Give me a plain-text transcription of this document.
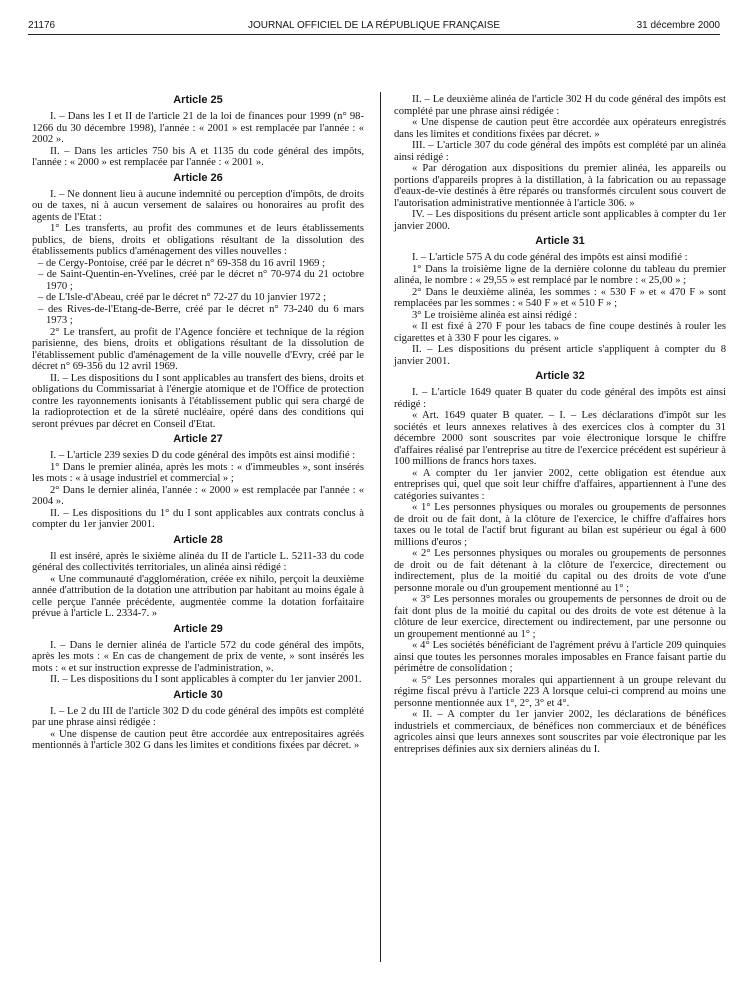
21176	JOURNAL OFFICIEL DE LA RÉPUBLIQUE FRANÇAISE	31 décembre 2000
Article 25

I. – Dans les I et II de l'article 21 de la loi de finances pour 1999 (n° 98-1266 du 30 décembre 1998), l'année : « 2001 » est remplacée par l'année : « 2002 ».

II. – Dans les articles 750 bis A et 1135 du code général des impôts, l'année : « 2000 » est remplacée par l'année : « 2001 ».

Article 26

I. – Ne donnent lieu à aucune indemnité ou perception d'impôts, de droits ou de taxes, ni à aucun versement de salaires ou honoraires au profit des agents de l'Etat :

1° Les transferts, au profit des communes et de leurs établissements publics, de biens, droits et obligations résultant de la dissolution des établissements publics d'aménagement des villes nouvelles :

– de Cergy-Pontoise, créé par le décret n° 69-358 du 16 avril 1969 ;

– de Saint-Quentin-en-Yvelines, créé par le décret n° 70-974 du 21 octobre 1970 ;

– de L'Isle-d'Abeau, créé par le décret n° 72-27 du 10 janvier 1972 ;

– des Rives-de-l'Etang-de-Berre, créé par le décret n° 73-240 du 6 mars 1973 ;

2° Le transfert, au profit de l'Agence foncière et technique de la région parisienne, des biens, droits et obligations résultant de la dissolution de l'établissement public d'aménagement de la ville nouvelle d'Evry, créé par le décret n° 69-356 du 12 avril 1969.

II. – Les dispositions du I sont applicables au transfert des biens, droits et obligations du Commissariat à l'énergie atomique et de l'Office de protection contre les rayonnements ionisants à l'établissement public qui sera chargé de la radioprotection et de la sûreté nucléaire, opéré dans des conditions qui seront prévues par décret en Conseil d'Etat.

Article 27

I. – L'article 239 sexies D du code général des impôts est ainsi modifié :

1° Dans le premier alinéa, après les mots : « d'immeubles », sont insérés les mots : « à usage industriel et commercial » ;

2° Dans le dernier alinéa, l'année : « 2000 » est remplacée par l'année : « 2004 ».

II. – Les dispositions du 1° du I sont applicables aux contrats conclus à compter du 1er janvier 2001.

Article 28

Il est inséré, après le sixième alinéa du II de l'article L. 5211-33 du code général des collectivités territoriales, un alinéa ainsi rédigé :

« Une communauté d'agglomération, créée ex nihilo, perçoit la deuxième année d'attribution de la dotation une attribution par habitant au moins égale à celle perçue l'année précédente, augmentée comme la dotation forfaitaire prévue à l'article L. 2334-7. »

Article 29

I. – Dans le dernier alinéa de l'article 572 du code général des impôts, après les mots : « En cas de changement de prix de vente, » sont insérés les mots : « et sur instruction expresse de l'administration, ».

II. – Les dispositions du I sont applicables à compter du 1er janvier 2001.

Article 30

I. – Le 2 du III de l'article 302 D du code général des impôts est complété par une phrase ainsi rédigée :

« Une dispense de caution peut être accordée aux entrepositaires agréés mentionnés à l'article 302 G dans les limites et conditions fixées par décret. »

II. – Le deuxième alinéa de l'article 302 H du code général des impôts est complété par une phrase ainsi rédigée :

« Une dispense de caution peut être accordée aux opérateurs enregistrés dans les limites et conditions fixées par décret. »

III. – L'article 307 du code général des impôts est complété par un alinéa ainsi rédigé :

« Par dérogation aux dispositions du premier alinéa, les appareils ou portions d'appareils propres à la distillation, à la fabrication ou au repassage d'eaux-de-vie destinés à être réparés ou transformés circulent sous couvert de l'autorisation administrative mentionnée à l'article 306. »

IV. – Les dispositions du présent article sont applicables à compter du 1er janvier 2000.

Article 31

I. – L'article 575 A du code général des impôts est ainsi modifié :

1° Dans la troisième ligne de la dernière colonne du tableau du premier alinéa, le nombre : « 29,55 » est remplacé par le nombre : « 25,00 » ;

2° Dans le deuxième alinéa, les sommes : « 530 F » et « 470 F » sont remplacées par les sommes : « 540 F » et « 510 F » ;

3° Le troisième alinéa est ainsi rédigé :

« Il est fixé à 270 F pour les tabacs de fine coupe destinés à rouler les cigarettes et à 330 F pour les cigares. »

II. – Les dispositions du présent article s'appliquent à compter du 8 janvier 2001.

Article 32

I. – L'article 1649 quater B quater du code général des impôts est ainsi rédigé :

« Art. 1649 quater B quater. – I. – Les déclarations d'impôt sur les sociétés et leurs annexes relatives à des exercices clos à compter du 31 décembre 2000 sont souscrites par voie électronique lorsque le chiffre d'affaires réalisé par l'entreprise au titre de l'exercice précédent est supérieur à 100 millions de francs hors taxes.

« A compter du 1er janvier 2002, cette obligation est étendue aux entreprises qui, quel que soit leur chiffre d'affaires, appartiennent à l'une des catégories suivantes :

« 1° Les personnes physiques ou morales ou groupements de personnes de droit ou de fait dont, à la clôture de l'exercice, le chiffre d'affaires hors taxes ou le total de l'actif brut figurant au bilan est supérieur ou égal à 600 millions d'euros ;

« 2° Les personnes physiques ou morales ou groupements de personnes de droit ou de fait détenant à la clôture de l'exercice, directement ou indirectement, plus de la moitié du capital ou des droits de vote d'une personne morale ou d'un groupement mentionné au 1° ;

« 3° Les personnes morales ou groupements de personnes de droit ou de fait dont plus de la moitié du capital ou des droits de vote est détenue à la clôture de leur exercice, directement ou indirectement, par une personne ou un groupement mentionné au 1° ;

« 4° Les sociétés bénéficiant de l'agrément prévu à l'article 209 quinquies ainsi que toutes les personnes morales imposables en France faisant partie du périmètre de consolidation ;

« 5° Les personnes morales qui appartiennent à un groupe relevant du régime fiscal prévu à l'article 223 A lorsque celui-ci comprend au moins une personne mentionnée aux 1°, 2°, 3° et 4°.

« II. – A compter du 1er janvier 2002, les déclarations de bénéfices industriels et commerciaux, de bénéfices non commerciaux et de bénéfices agricoles ainsi que leurs annexes sont souscrites par voie électronique par les entreprises définies aux six derniers alinéas du I.
